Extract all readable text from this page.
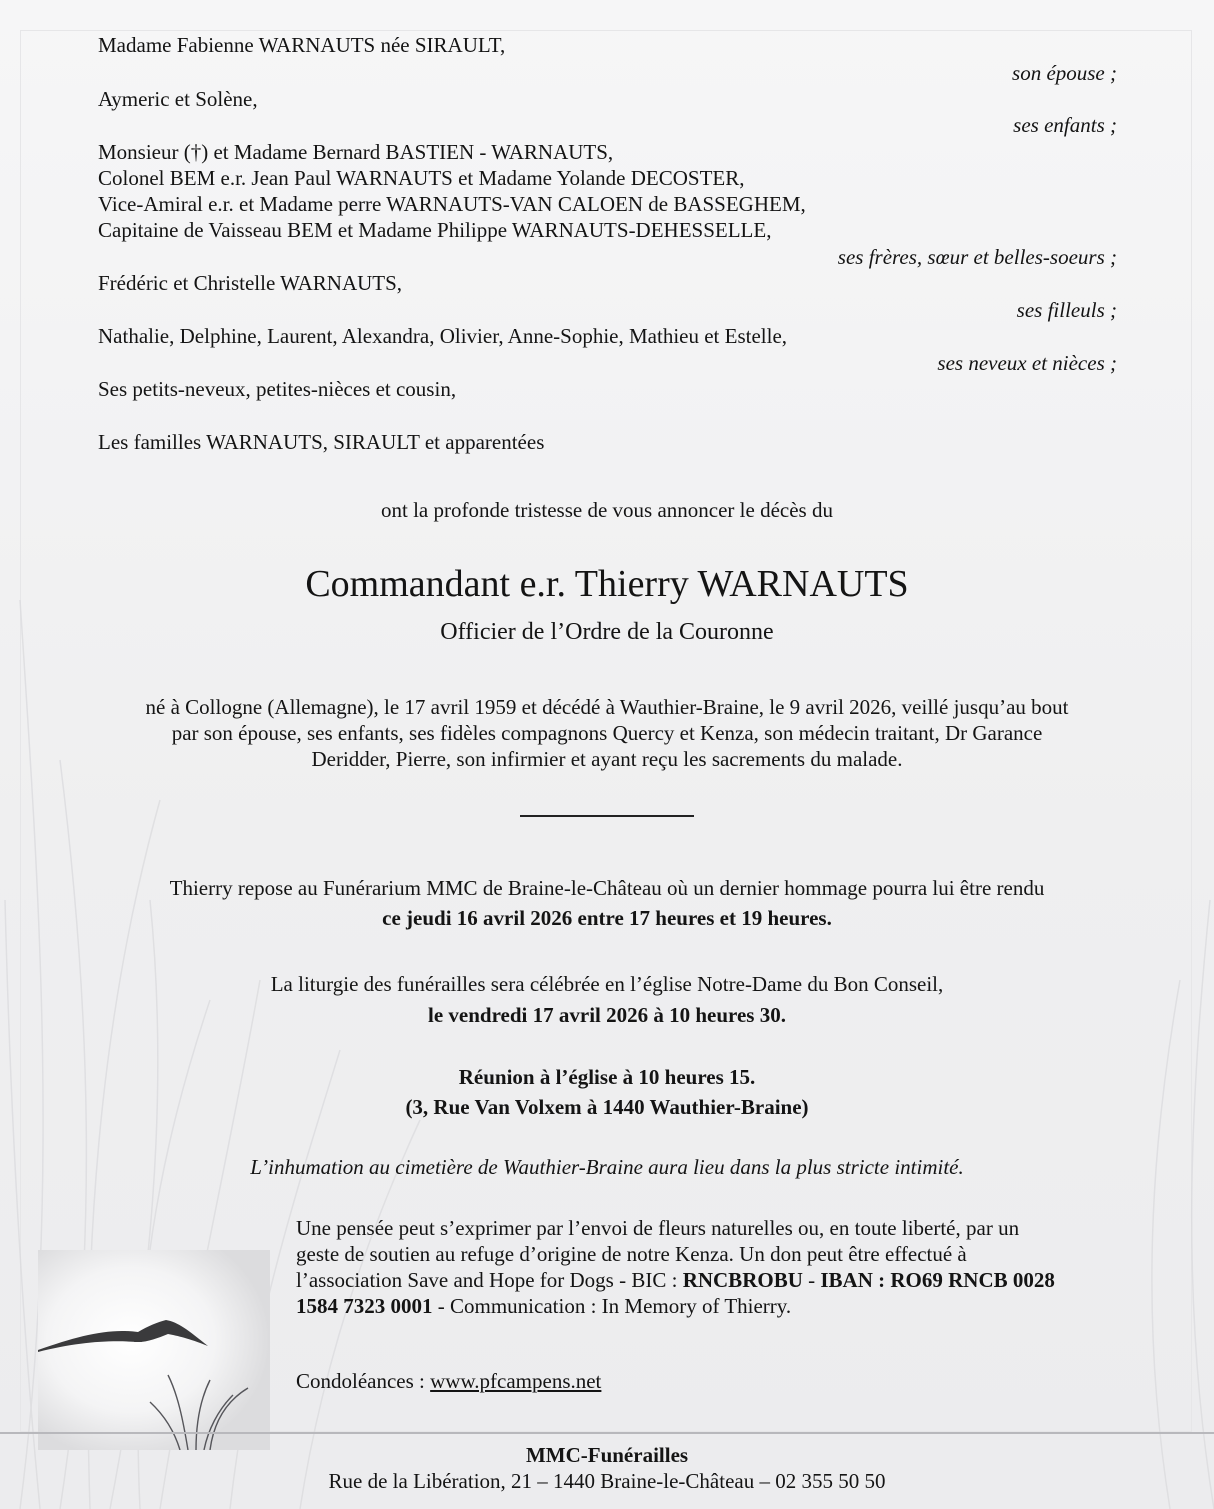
Madame Fabienne WARNAUTS née SIRAULT,

son épouse ;

Aymeric et Solène,

ses enfants ;

Monsieur (†) et Madame Bernard BASTIEN - WARNAUTS,

Colonel BEM e.r. Jean Paul WARNAUTS et Madame Yolande DECOSTER,

Vice-Amiral e.r. et Madame perre WARNAUTS-VAN CALOEN de BASSEGHEM,

Capitaine de Vaisseau BEM et Madame Philippe WARNAUTS-DEHESSELLE,

ses frères, sœur et belles-soeurs ;

Frédéric et Christelle WARNAUTS,

ses filleuls ;

Nathalie, Delphine, Laurent, Alexandra, Olivier, Anne-Sophie, Mathieu et Estelle,

ses neveux et nièces ;

Ses petits-neveux, petites-nièces et cousin,

Les familles WARNAUTS, SIRAULT et apparentées

ont la profonde tristesse de vous annoncer le décès du

Commandant e.r. Thierry WARNAUTS

Officier de l’Ordre de la Couronne

né à Collogne (Allemagne), le 17 avril 1959 et décédé à Wauthier-Braine, le 9 avril 2026, veillé jusqu’au bout

par son épouse, ses enfants, ses fidèles compagnons Quercy et Kenza, son médecin traitant, Dr Garance

Deridder, Pierre, son infirmier et ayant reçu les sacrements du malade.

Thierry repose au Funérarium MMC de Braine-le-Château où un dernier hommage pourra lui être rendu

ce jeudi 16 avril 2026 entre 17 heures et 19 heures.

La liturgie des funérailles sera célébrée en l’église Notre-Dame du Bon Conseil,

le vendredi 17 avril 2026 à 10 heures 30.

Réunion à l’église à 10 heures 15.

(3, Rue Van Volxem à 1440 Wauthier-Braine)

L’inhumation au cimetière de Wauthier-Braine aura lieu dans la plus stricte intimité.

Une pensée peut s’exprimer par l’envoi de fleurs naturelles ou, en toute liberté, par un

geste de soutien au refuge d’origine de notre Kenza. Un don peut être effectué à

l’association Save and Hope for Dogs - BIC : RNCBROBU - IBAN : RO69 RNCB 0028

1584 7323 0001 - Communication : In Memory of Thierry.

Condoléances : www.pfcampens.net

MMC-Funérailles

Rue de la Libération, 21 – 1440 Braine-le-Château – 02 355 50 50
